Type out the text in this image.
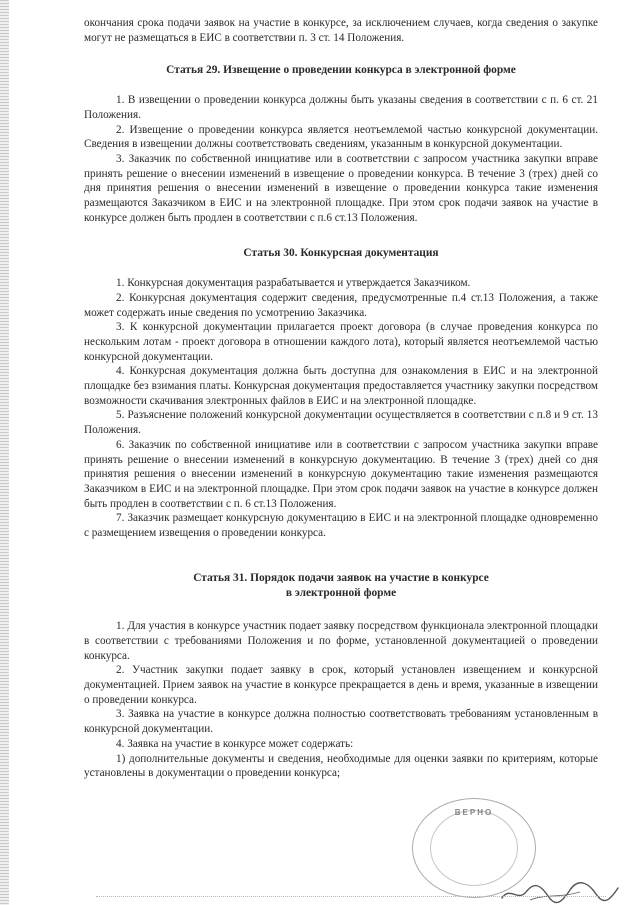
окончания срока подачи заявок на участие в конкурсе, за исключением случаев, когда сведения о закупке могут не размещаться в ЕИС в соответствии п. 3 ст. 14 Положения.

Статья 29. Извещение о проведении конкурса в электронной форме

1. В извещении о проведении конкурса должны быть указаны сведения в соответствии с п. 6 ст. 21 Положения.

2. Извещение о проведении конкурса является неотъемлемой частью конкурсной документации. Сведения в извещении должны соответствовать сведениям, указанным в конкурсной документации.

3. Заказчик по собственной инициативе или в соответствии с запросом участника закупки вправе принять решение о внесении изменений в извещение о проведении конкурса. В течение 3 (трех) дней со дня принятия решения о внесении изменений в извещение о проведении конкурса такие изменения размещаются Заказчиком в ЕИС и на электронной площадке. При этом срок подачи заявок на участие в конкурсе должен быть продлен в соответствии с п.6 ст.13 Положения.

Статья 30. Конкурсная документация

1. Конкурсная документация разрабатывается и утверждается Заказчиком.

2. Конкурсная документация содержит сведения, предусмотренные п.4 ст.13 Положения, а также может содержать иные сведения по усмотрению Заказчика.

3. К конкурсной документации прилагается проект договора (в случае проведения конкурса по нескольким лотам - проект договора в отношении каждого лота), который является неотъемлемой частью конкурсной документации.

4. Конкурсная документация должна быть доступна для ознакомления в ЕИС и на электронной площадке без взимания платы. Конкурсная документация предоставляется участнику закупки посредством возможности скачивания электронных файлов в ЕИС и на электронной площадке.

5. Разъяснение положений конкурсной документации осуществляется в соответствии с п.8 и 9 ст. 13 Положения.

6. Заказчик по собственной инициативе или в соответствии с запросом участника закупки вправе принять решение о внесении изменений в конкурсную документацию. В течение 3 (трех) дней со дня принятия решения о внесении изменений в конкурсную документацию такие изменения размещаются Заказчиком в ЕИС и на электронной площадке. При этом срок подачи заявок на участие в конкурсе должен быть продлен в соответствии с п. 6 ст.13 Положения.

7. Заказчик размещает конкурсную документацию в ЕИС и на электронной площадке одновременно с размещением извещения о проведении конкурса.

Статья 31. Порядок подачи заявок на участие в конкурсе
в электронной форме

1. Для участия в конкурсе участник подает заявку посредством функционала электронной площадки в соответствии с требованиями Положения и по форме, установленной документацией о проведении конкурса.

2. Участник закупки подает заявку в срок, который установлен извещением и конкурсной документацией. Прием заявок на участие в конкурсе прекращается в день и время, указанные в извещении о проведении конкурса.

3. Заявка на участие в конкурсе должна полностью соответствовать требованиям установленным в конкурсной документации.

4. Заявка на участие в конкурсе может содержать:

1) дополнительные документы и сведения, необходимые для оценки заявки по критериям, которые установлены в документации о проведении конкурса;

ВЕРНО
